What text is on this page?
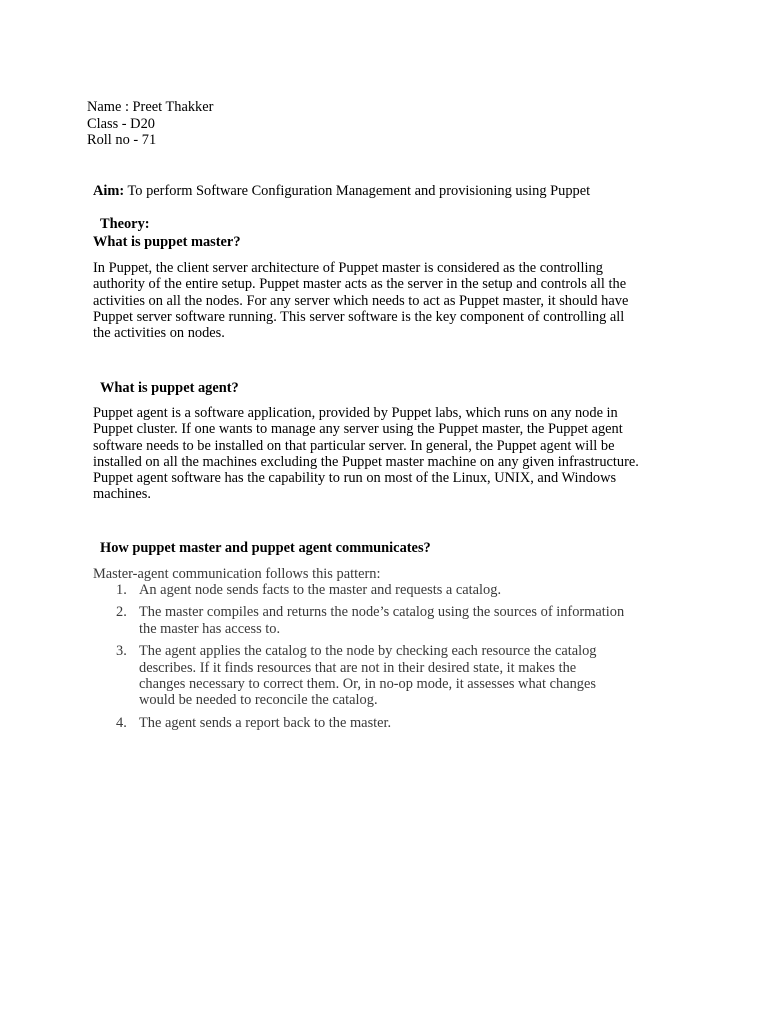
Name : Preet Thakker
Class - D20
Roll no - 71
Aim: To perform Software Configuration Management and provisioning using Puppet
Theory:
What is puppet master?
In Puppet, the client server architecture of Puppet master is considered as the controlling
authority of the entire setup. Puppet master acts as the server in the setup and controls all the
activities on all the nodes. For any server which needs to act as Puppet master, it should have
Puppet server software running. This server software is the key component of controlling all
the activities on nodes.
What is puppet agent?
Puppet agent is a software application, provided by Puppet labs, which runs on any node in
Puppet cluster. If one wants to manage any server using the Puppet master, the Puppet agent
software needs to be installed on that particular server. In general, the Puppet agent will be
installed on all the machines excluding the Puppet master machine on any given infrastructure.
Puppet agent software has the capability to run on most of the Linux, UNIX, and Windows
machines.
How puppet master and puppet agent communicates?
Master-agent communication follows this pattern:
1. An agent node sends facts to the master and requests a catalog.
2. The master compiles and returns the node’s catalog using the sources of information
the master has access to.
3. The agent applies the catalog to the node by checking each resource the catalog
describes. If it finds resources that are not in their desired state, it makes the
changes necessary to correct them. Or, in no-op mode, it assesses what changes
would be needed to reconcile the catalog.
4. The agent sends a report back to the master.
